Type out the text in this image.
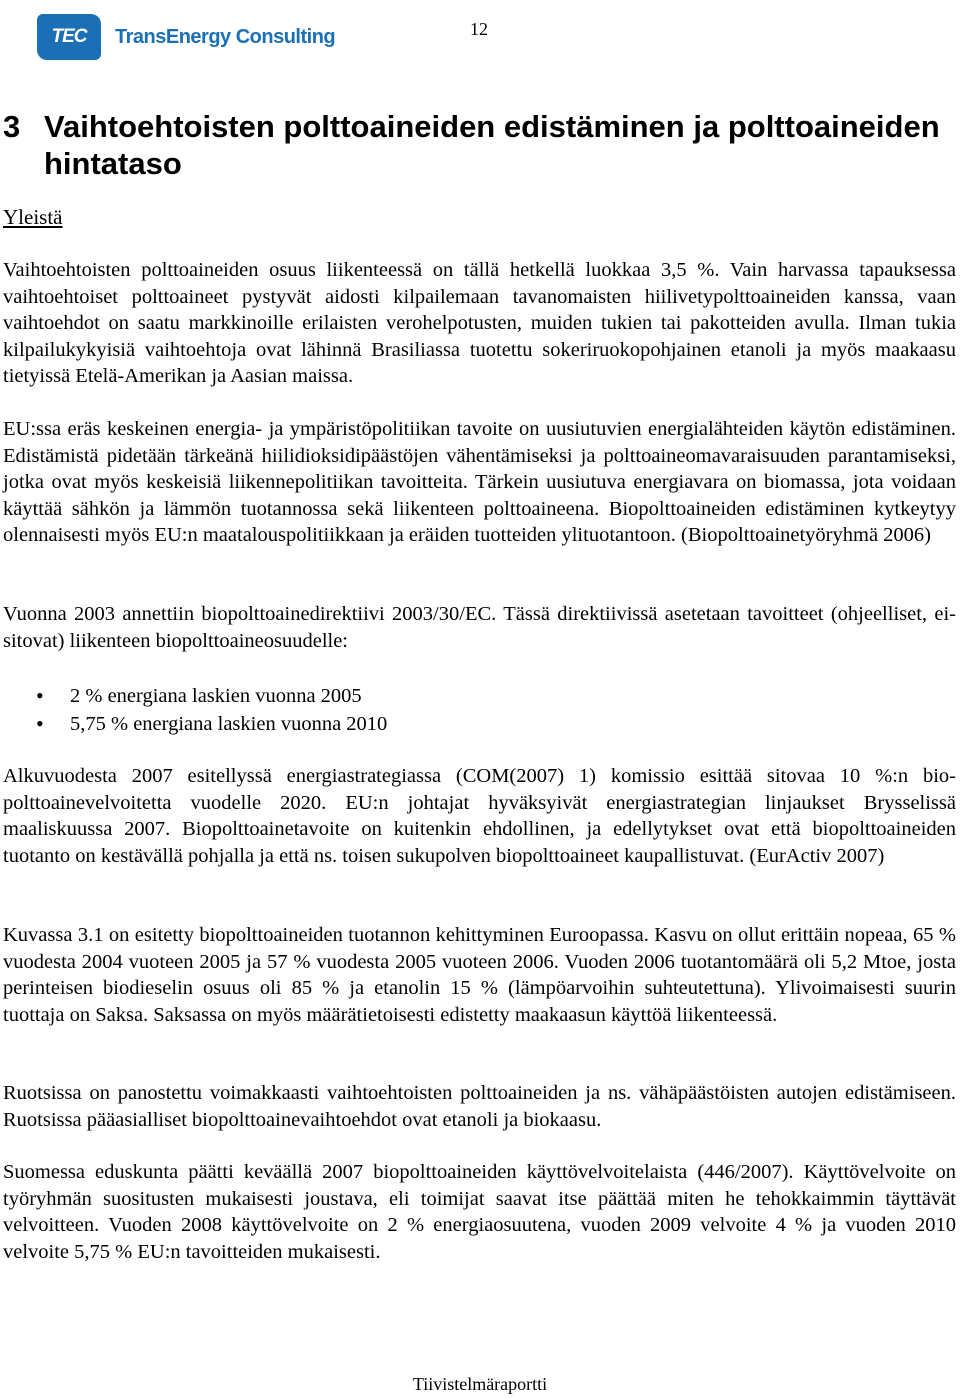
TEC	TransEnergy Consulting	12
3 Vaihtoehtoisten polttoaineiden edistäminen ja polttoaineiden hintataso
Yleistä

Vaihtoehtoisten polttoaineiden osuus liikenteessä on tällä hetkellä luokkaa 3,5 %. Vain harvassa tapauksessa vaihtoehtoiset polttoaineet pystyvät aidosti kilpailemaan tavanomaisten hiilivetypolttoaineiden kanssa, vaan vaihtoehdot on saatu markkinoille erilaisten verohelpotusten, muiden tukien tai pakotteiden avulla. Ilman tukia kilpailukykyisiä vaihtoehtoja ovat lähinnä Brasiliassa tuotettu sokeriruokopohjainen etanoli ja myös maakaasu tietyissä Etelä-Amerikan ja Aasian maissa.

EU:ssa eräs keskeinen energia- ja ympäristöpolitiikan tavoite on uusiutuvien energialähteiden käytön edistäminen. Edistämistä pidetään tärkeänä hiilidioksidipäästöjen vähentämiseksi ja polttoaineomavaraisuuden parantamiseksi, jotka ovat myös keskeisiä liikennepolitiikan tavoitteita. Tärkein uusiutuva energiavara on biomassa, jota voidaan käyttää sähkön ja lämmön tuotannossa sekä liikenteen polttoaineena. Biopolttoaineiden edistäminen kytkeytyy olennaisesti myös EU:n maatalouspolitiikkaan ja eräiden tuotteiden ylituotantoon. (Biopolttoainetyöryhmä 2006)

Vuonna 2003 annettiin biopolttoainedirektiivi 2003/30/EC. Tässä direktiivissä asetetaan tavoitteet (ohjeelliset, ei-sitovat) liikenteen biopolttoaineosuudelle:

• 2 % energiana laskien vuonna 2005
• 5,75 % energiana laskien vuonna 2010

Alkuvuodesta 2007 esitellyssä energiastrategiassa (COM(2007) 1) komissio esittää sitovaa 10 %:n biopolttoainevelvoitetta vuodelle 2020. EU:n johtajat hyväksyivät energiastrategian linjaukset Brysselissä maaliskuussa 2007. Biopolttoainetavoite on kuitenkin ehdollinen, ja edellytykset ovat että biopolttoaineiden tuotanto on kestävällä pohjalla ja että ns. toisen sukupolven biopolttoaineet kaupallistuvat. (EurActiv 2007)

Kuvassa 3.1 on esitetty biopolttoaineiden tuotannon kehittyminen Euroopassa. Kasvu on ollut erittäin nopeaa, 65 % vuodesta 2004 vuoteen 2005 ja 57 % vuodesta 2005 vuoteen 2006. Vuoden 2006 tuotantomäärä oli 5,2 Mtoe, josta perinteisen biodieselin osuus oli 85 % ja etanolin 15 % (lämpöarvoihin suhteutettuna). Ylivoimaisesti suurin tuottaja on Saksa. Saksassa on myös määrätietoisesti edistetty maakaasun käyttöä liikenteessä.

Ruotsissa on panostettu voimakkaasti vaihtoehtoisten polttoaineiden ja ns. vähäpäästöisten autojen edistämiseen. Ruotsissa pääasialliset biopolttoainevaihtoehdot ovat etanoli ja biokaasu.

Suomessa eduskunta päätti keväällä 2007 biopolttoaineiden käyttövelvoitelaista (446/2007). Käyttövelvoite on työryhmän suositusten mukaisesti joustava, eli toimijat saavat itse päättää miten he tehokkaimmin täyttävät velvoitteen. Vuoden 2008 käyttövelvoite on 2 % energiaosuutena, vuoden 2009 velvoite 4 % ja vuoden 2010 velvoite 5,75 % EU:n tavoitteiden mukaisesti.

Tiivistelmäraportti
